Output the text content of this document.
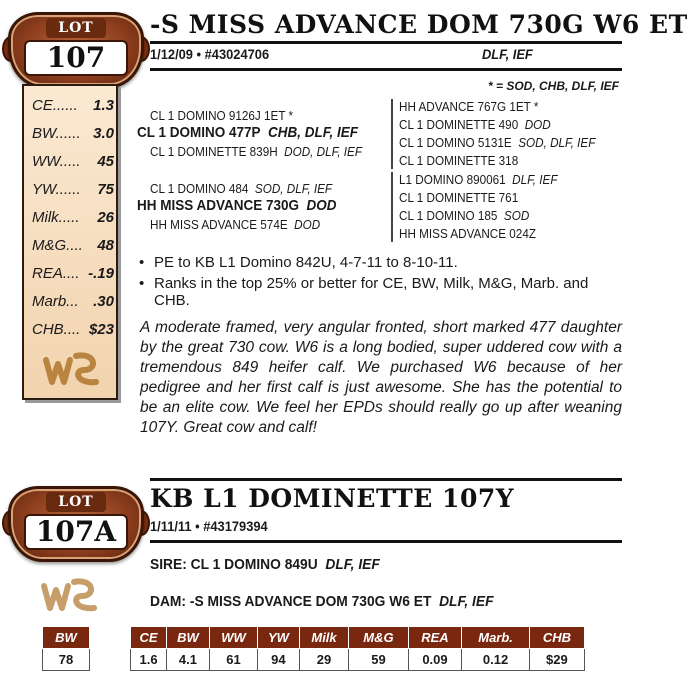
LOT
107
-S MISS ADVANCE DOM 730G W6 ET
1/12/09 • #43024706	DLF, IEF
* = SOD, CHB, DLF, IEF
CE...... 1.3
BW...... 3.0
WW..... 45
YW...... 75
Milk..... 26
M&G.... 48
REA.... -.19
Marb... .30
CHB.... $23
CL 1 DOMINO 9126J 1ET *
CL 1 DOMINO 477P CHB, DLF, IEF
CL 1 DOMINETTE 839H DOD, DLF, IEF
CL 1 DOMINO 484 SOD, DLF, IEF
HH MISS ADVANCE 730G DOD
HH MISS ADVANCE 574E DOD
HH ADVANCE 767G 1ET *
CL 1 DOMINETTE 490 DOD
CL 1 DOMINO 5131E SOD, DLF, IEF
CL 1 DOMINETTE 318
L1 DOMINO 890061 DLF, IEF
CL 1 DOMINETTE 761
CL 1 DOMINO 185 SOD
HH MISS ADVANCE 024Z
• PE to KB L1 Domino 842U, 4-7-11 to 8-10-11.
• Ranks in the top 25% or better for CE, BW, Milk, M&G, Marb. and CHB.
A moderate framed, very angular fronted, short marked 477 daughter by the great 730 cow. W6 is a long bodied, super uddered cow with a tremendous 849 heifer calf. We purchased W6 because of her pedigree and her first calf is just awesome. She has the potential to be an elite cow. We feel her EPDs should really go up after weaning 107Y. Great cow and calf!
LOT
107A
KB L1 DOMINETTE 107Y
1/11/11 • #43179394
SIRE: CL 1 DOMINO 849U DLF, IEF
DAM: -S MISS ADVANCE DOM 730G W6 ET DLF, IEF
BW
78
CE	BW	WW	YW	Milk	M&G	REA	Marb.	CHB
1.6	4.1	61	94	29	59	0.09	0.12	$29
